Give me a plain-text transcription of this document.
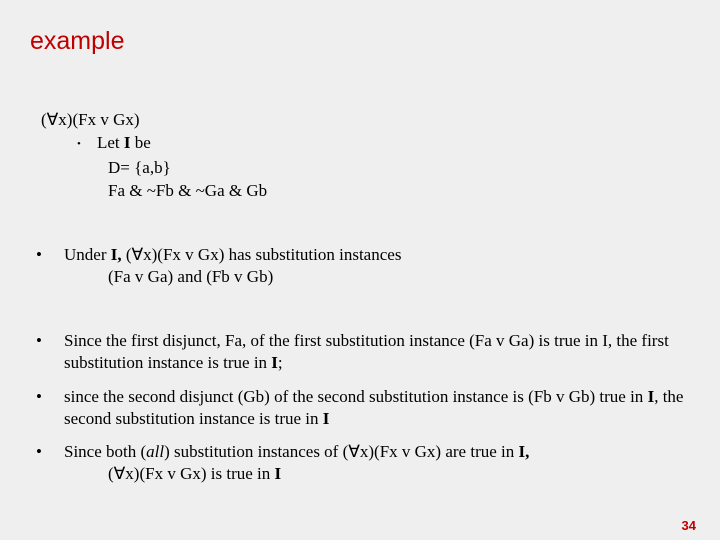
example
(∀x)(Fx v Gx)
• Let I be
D= {a,b}
Fa & ~Fb & ~Ga & Gb
•	Under I, (∀x)(Fx v Gx) has substitution instances
(Fa v Ga) and (Fb v Gb)
•	Since the first disjunct, Fa, of the first substitution instance (Fa v Ga) is true in I, the first substitution instance is true in I;
•	since the second disjunct (Gb) of the second substitution instance is (Fb v Gb) true in I, the second substitution instance is true in I
•	Since both (all) substitution instances of (∀x)(Fx v Gx) are true in I,
(∀x)(Fx v Gx) is true in I
34
